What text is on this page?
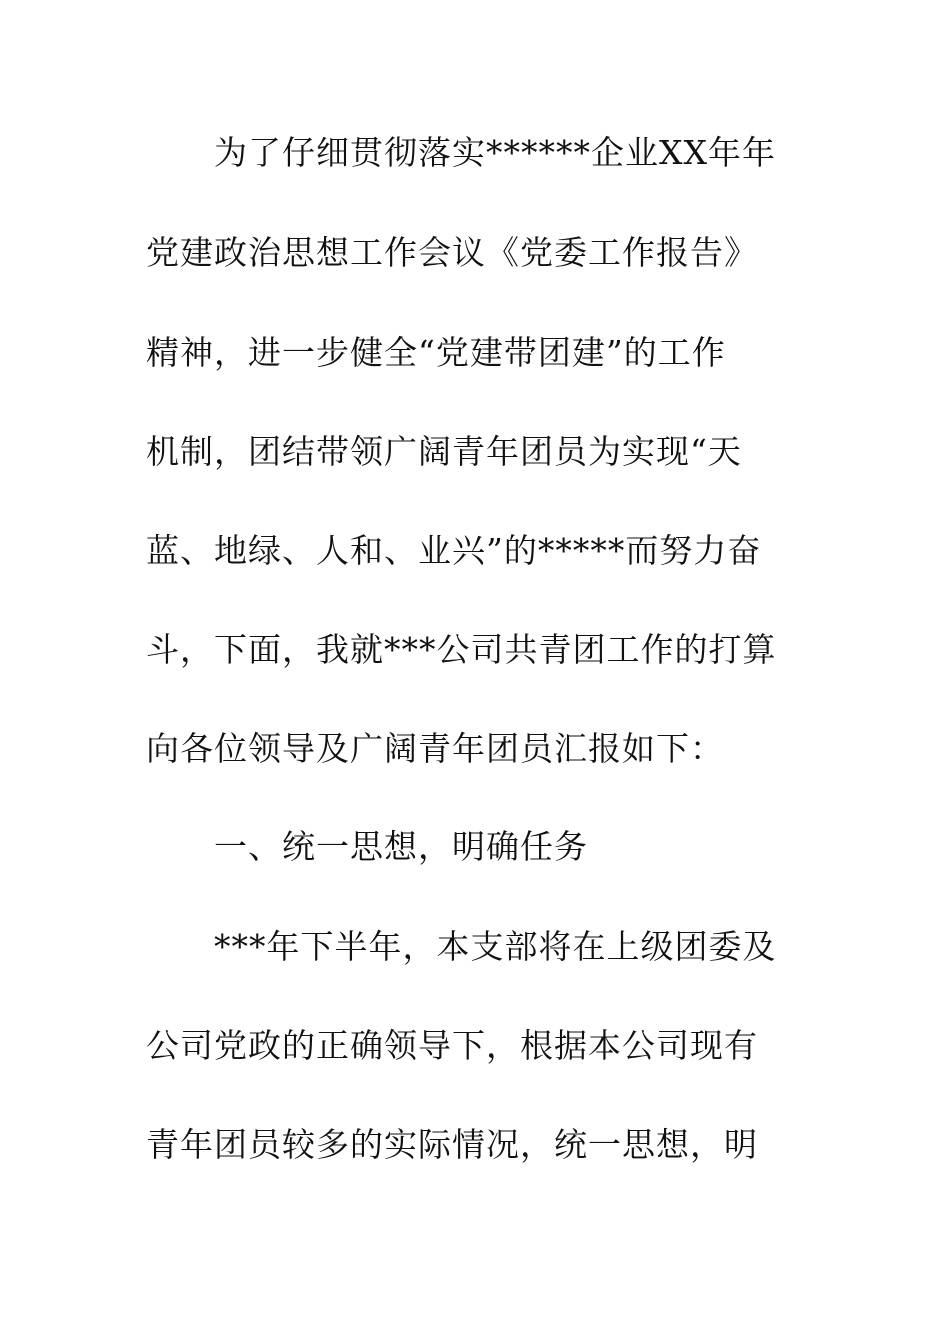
为了仔细贯彻落实******企业XX年年
党建政治思想工作会议《党委工作报告》
精神，进一步健全“党建带团建”的工作
机制，团结带领广阔青年团员为实现“天
蓝、地绿、人和、业兴”的*****而努力奋
斗，下面，我就***公司共青团工作的打算
向各位领导及广阔青年团员汇报如下：
一、统一思想，明确任务
***年下半年，本支部将在上级团委及
公司党政的正确领导下，根据本公司现有
青年团员较多的实际情况，统一思想，明
